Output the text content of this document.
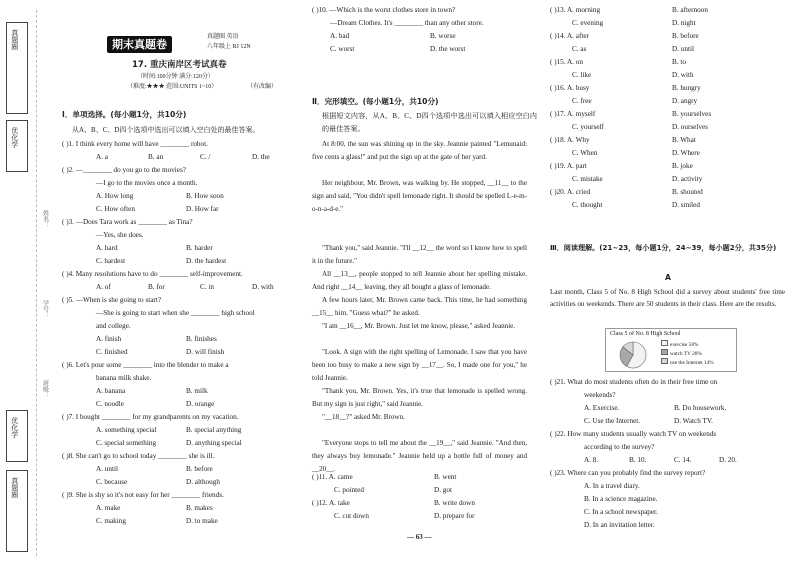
真题圈
优化学
姓名：
学号：
班级：
优化学
真题圈
期末真题卷
真题圈 英语
八年级上 RJ 12N
17. 重庆南岸区考试真卷
（时间:100分钟 满分:120分）
（难度:★★★ 范围:UNITS 1~10）	（有改编）
Ⅰ．单项选择。(每小题1分，共10分)
从A、B、C、D四个选项中选出可以填入空白处的最佳答案。
( )1. I think every home will have ________ robot.
A. a	B. an	C. /	D. the
( )2. —________ do you go to the movies?
—I go to the movies once a month.
A. How long	B. How soon
C. How often	D. How far
( )3. —Does Tara work as ________ as Tina?
—Yes, she does.
A. hard	B. harder
C. hardest	D. the hardest
( )4. Many resolutions have to do ________ self-improvement.
A. of	B. for	C. in	D. with
( )5. —When is she going to start?
—She is going to start when she ________ high school
and college.
A. finish	B. finishes
C. finished	D. will finish
( )6. Let's pour some ________ into the blender to make a
banana milk shake.
A. banana	B. milk
C. noodle	D. orange
( )7. I bought ________ for my grandparents on my vacation.
A. something special	B. special anything
C. special something	D. anything special
( )8. She can't go to school today ________ she is ill.
A. until	B. before
C. because	D. although
( )9. She is shy so it's not easy for her ________ friends.
A. make	B. makes
C. making	D. to make
( )10. —Which is the worst clothes store in town?
—Dream Clothes. It's ________ than any other store.
A. bad	B. worse
C. worst	D. the worst
Ⅱ．完形填空。(每小题1分，共10分)
根据短文内容，从A、B、C、D四个选项中选出可以填入相应空白内的最佳答案。
At 8:00, the sun was shining up in the sky. Jeannie painted "Lemunaid: five cents a glass!" and put the sign up at the gate of her yard.
Her neighbour, Mr. Brown, was walking by. He stopped, __11__ to the sign and said, "You didn't spell lemonade right. It should be spelled L-e-m-o-n-a-d-e."
"Thank you," said Jeannie. "I'll __12__ the word so I know how to spell it in the future."
All __13__, people stopped to tell Jeannie about her spelling mistake. And right __14__ leaving, they all bought a glass of lemonade.
A few hours later, Mr. Brown came back. This time, he had something __15__ him. "Guess what?" he asked.
"I am __16__, Mr. Brown. Just let me know, please," asked Jeannie.
"Look. A sign with the right spelling of Lemonade. I saw that you have been too busy to make a new sign by __17__. So, I made one for you," he told Jeannie.
"Thank you, Mr. Brown. Yes, it's true that lemonade is spelled wrong. But my sign is just right," said Jeannie.
"__18__?" asked Mr. Brown.
"Everyone stops to tell me about the __19__," said Jeannie. "And then, they always buy lemonade." Jeannie held up a bottle full of money and __20__.
( )11. A. came	B. went
C. pointed	D. got
( )12. A. take	B. write down
C. cut down	D. prepare for
— 63 —
( )13. A. morning	B. afternoon
C. evening	D. night
( )14. A. after	B. before
C. as	D. until
( )15. A. on	B. to
C. like	D. with
( )16. A. busy	B. hungry
C. free	D. angry
( )17. A. myself	B. yourselves
C. yourself	D. ourselves
( )18. A. Why	B. What
C. When	D. Where
( )19. A. part	B. joke
C. mistake	D. activity
( )20. A. cried	B. shouted
C. thought	D. smiled
Ⅲ．阅读理解。(21~23，每小题1分，24~39，每小题2分，共35分)
A
Last month, Class 5 of No. 8 High School did a survey about students' free time activities on weekends. There are 50 students in their class. Here are the results.
Class 5 of No. 8 High School
exercise 58%
watch TV 28%
use the Internet 14%
( )21. What do most students often do in their free time on
weekends?
A. Exercise.	B. Do housework.
C. Use the Internet.	D. Watch TV.
( )22. How many students usually watch TV on weekends
according to the survey?
A. 8.	B. 10.	C. 14.	D. 20.
( )23. Where can you probably find the survey report?
A. In a travel diary.
B. In a science magazine.
C. In a school newspaper.
D. In an invitation letter.
